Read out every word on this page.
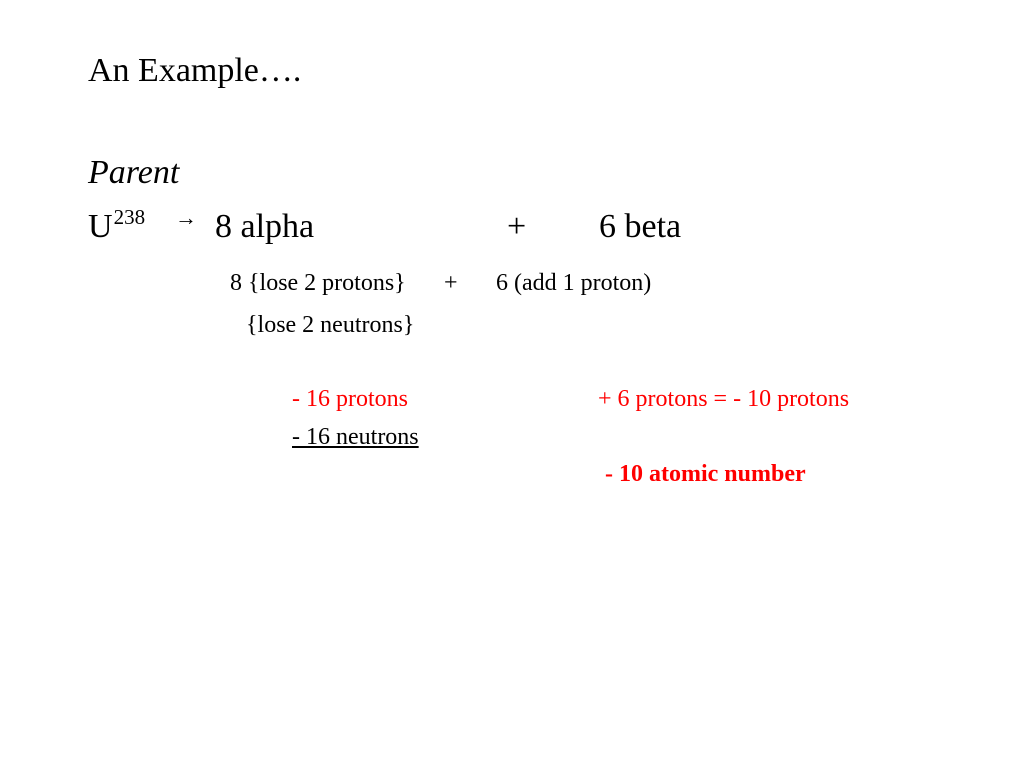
An Example….
Parent
$U^{238} \to 8$ alpha	+ 6 beta
8 {lose 2 protons} + 6 (add 1 proton)
{lose 2 neutrons}
- 16 protons	+ 6 protons = - 10 protons
- 16 neutrons
- 10 atomic number
